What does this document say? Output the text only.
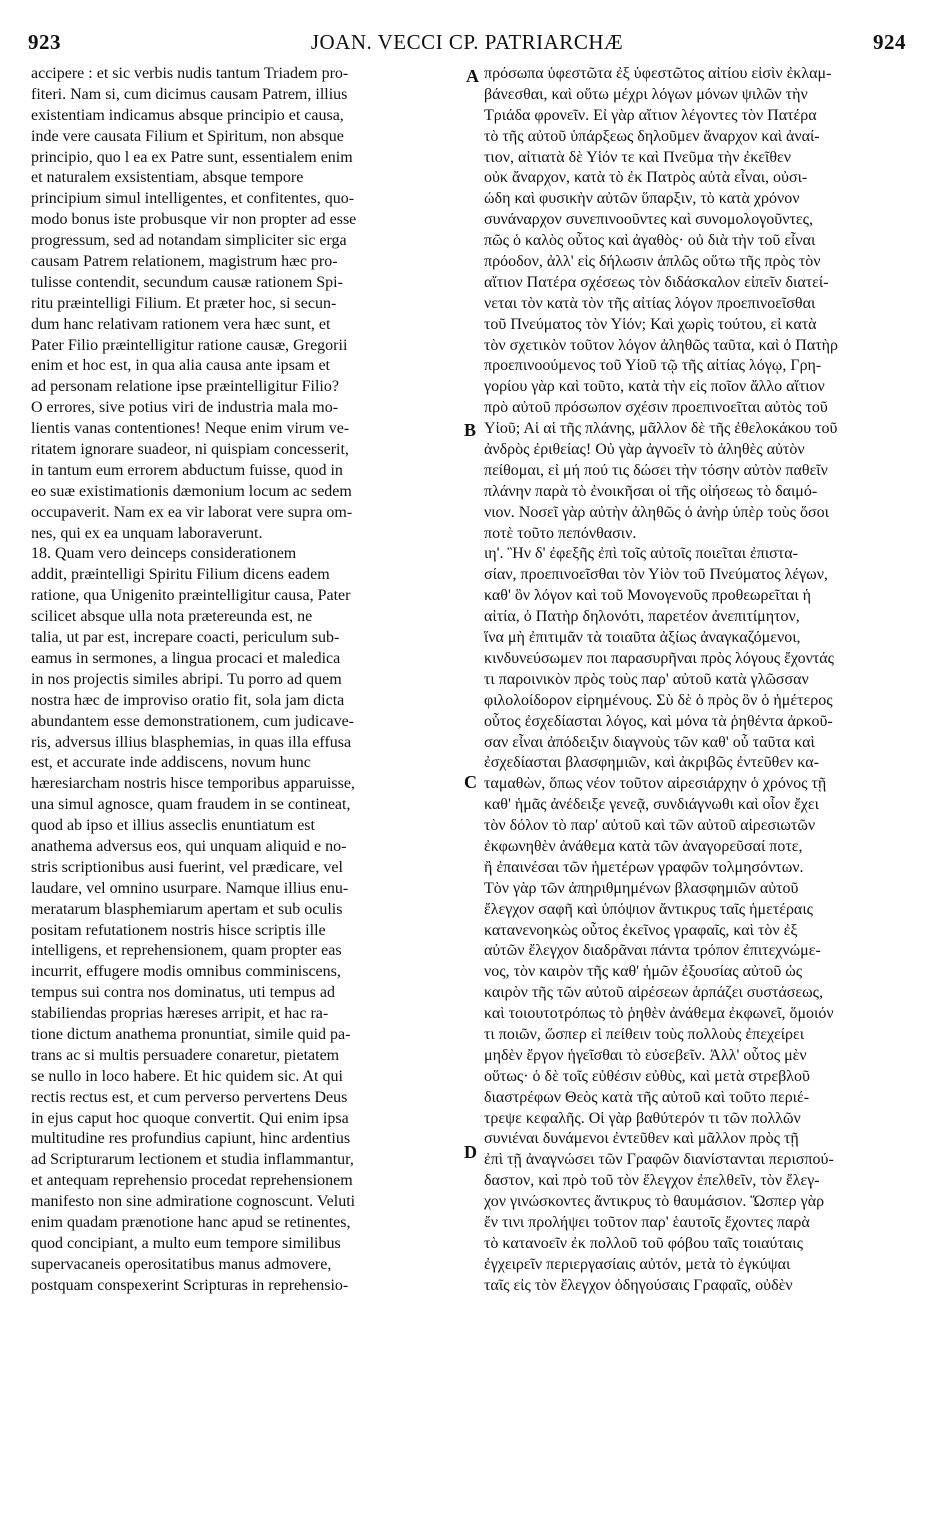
923	JOAN. VECCI CP. PATRIARCHÆ	924
accipere : et sic verbis nudis tantum Triadem pro-
fiteri. Nam si, cum dicimus causam Patrem, illius
existentiam indicamus absque principio et causa,
inde vere causata Filium et Spiritum, non absque
principio, quo l ea ex Patre sunt, essentialem enim
et naturalem exsistentiam, absque tempore
principium simul intelligentes, et confitentes, quo-
modo bonus iste probusque vir non propter ad esse
progressum, sed ad notandam simpliciter sic erga
causam Patrem relationem, magistrum hæc pro-
tulisse contendit, secundum causæ rationem Spi-
ritu præintelligi Filium. Et præter hoc, si secun-
dum hanc relativam rationem vera hæc sunt, et
Pater Filio præintelligitur ratione causæ, Gregorii
enim et hoc est, in qua alia causa ante ipsam et
ad personam relatione ipse præintelligitur Filio?
O errores, sive potius viri de industria mala mo-
lientis vanas contentiones! Neque enim virum ve-
ritatem ignorare suadeor, ni quispiam concesserit,
in tantum eum errorem abductum fuisse, quod in
eo suæ existimationis dæmonium locum ac sedem
occupaverit. Nam ex ea vir laborat vere supra om-
nes, qui ex ea unquam laboraverunt.
18. Quam vero deinceps considerationem
addit, præintelligi Spiritu Filium dicens eadem
ratione, qua Unigenito præintelligitur causa, Pater
scilicet absque ulla nota prætereunda est, ne
talia, ut par est, increpare coacti, periculum sub-
eamus in sermones, a lingua procaci et maledica
in nos projectis similes abripi. Tu porro ad quem
nostra hæc de improviso oratio fit, sola jam dicta
abundantem esse demonstrationem, cum judicave-
ris, adversus illius blasphemias, in quas illa effusa
est, et accurate inde addiscens, novum hunc
hæresiarcham nostris hisce temporibus apparuisse,
una simul agnosce, quam fraudem in se contineat,
quod ab ipso et illius asseclis enuntiatum est
anathema adversus eos, qui unquam aliquid e no-
stris scriptionibus ausi fuerint, vel prædicare, vel
laudare, vel omnino usurpare. Namque illius enu-
meratarum blasphemiarum apertam et sub oculis
positam refutationem nostris hisce scriptis ille
intelligens, et reprehensionem, quam propter eas
incurrit, effugere modis omnibus comminiscens,
tempus sui contra nos dominatus, uti tempus ad
stabiliendas proprias hæreses arripit, et hac ra-
tione dictum anathema pronuntiat, simile quid pa-
trans ac si multis persuadere conaretur, pietatem
se nullo in loco habere. Et hic quidem sic. At qui
rectis rectus est, et cum perverso pervertens Deus
in ejus caput hoc quoque convertit. Qui enim ipsa
multitudine res profundius capiunt, hinc ardentius
ad Scripturarum lectionem et studia inflammantur,
et antequam reprehensio procedat reprehensionem
manifesto non sine admiratione cognoscunt. Veluti
enim quadam prænotione hanc apud se retinentes,
quod concipiant, a multo eum tempore similibus
supervacaneis operositatibus manus admovere,
postquam conspexerint Scripturas in reprehensio-
πρόσωπα ὑφεστῶτα ἐξ ὑφεστῶτος αἰτίου εἰσὶν ἐκλαμ-
βάνεσθαι, καὶ οὕτω μέχρι λόγων μόνων ψιλῶν τὴν
Τριάδα φρονεῖν. Εἰ γὰρ αἴτιον λέγοντες τὸν Πατέρα
τὸ τῆς αὐτοῦ ὑπάρξεως δηλοῦμεν ἄναρχον καὶ ἀναί-
τιον, αἰτιατὰ δὲ Υἱόν τε καὶ Πνεῦμα τὴν ἐκεῖθεν
οὐκ ἄναρχον, κατὰ τὸ ἐκ Πατρὸς αὐτὰ εἶναι, οὐσι-
ώδη καὶ φυσικὴν αὐτῶν ὕπαρξιν, τὸ κατὰ χρόνον
συνάναρχον συνεπινοοῦντες καὶ συνομολογοῦντες,
πῶς ὁ καλὸς οὗτος καὶ ἀγαθὸς· οὐ διὰ τὴν τοῦ εἶναι
πρόοδον, ἀλλ' εἰς δήλωσιν ἁπλῶς οὕτω τῆς πρὸς τὸν
αἴτιον Πατέρα σχέσεως τὸν διδάσκαλον εἰπεῖν διατεί-
νεται τὸν κατὰ τὸν τῆς αἰτίας λόγον προεπινοεῖσθαι
τοῦ Πνεύματος τὸν Υἱόν; Καὶ χωρὶς τούτου, εἰ κατὰ
τὸν σχετικὸν τοῦτον λόγον ἀληθῶς ταῦτα, καὶ ὁ Πατὴρ
προεπινοούμενος τοῦ Υἱοῦ τῷ τῆς αἰτίας λόγῳ, Γρη-
γορίου γὰρ καὶ τοῦτο, κατὰ τὴν εἰς ποῖον ἄλλο αἴτιον
πρὸ αὐτοῦ πρόσωπον σχέσιν προεπινοεῖται αὐτὸς τοῦ
Υἱοῦ; Αἱ αἱ τῆς πλάνης, μᾶλλον δὲ τῆς ἐθελοκάκου τοῦ
ἀνδρὸς ἐριθείας! Οὐ γὰρ ἀγνοεῖν τὸ ἀληθὲς αὐτὸν
πείθομαι, εἰ μή πού τις δώσει τὴν τόσην αὐτὸν παθεῖν
πλάνην παρὰ τὸ ἐνοικῆσαι οἱ τῆς οἰήσεως τὸ δαιμό-
νιον. Νοσεῖ γὰρ αὐτὴν ἀληθῶς ὁ ἀνὴρ ὑπὲρ τοὺς ὅσοι
ποτὲ τοῦτο πεπόνθασιν.
ιη'. Ἣν δ' ἐφεξῆς ἐπὶ τοῖς αὐτοῖς ποιεῖται ἐπιστα-
σίαν, προεπινοεῖσθαι τὸν Υἱὸν τοῦ Πνεύματος λέγων,
καθ' ὃν λόγον καὶ τοῦ Μονογενοῦς προθεωρεῖται ἡ
αἰτία, ὁ Πατὴρ δηλονότι, παρετέον ἀνεπιτίμητον,
ἵνα μὴ ἐπιτιμᾶν τὰ τοιαῦτα ἀξίως ἀναγκαζόμενοι,
κινδυνεύσωμεν ποι παρασυρῆναι πρὸς λόγους ἔχοντάς
τι παροινικὸν πρὸς τοὺς παρ' αὐτοῦ κατὰ γλῶσσαν
φιλολοίδορον εἰρημένους. Σὺ δὲ ὁ πρὸς ὃν ὁ ἡμέτερος
οὗτος ἐσχεδίασται λόγος, καὶ μόνα τὰ ῥηθέντα ἀρκοῦ-
σαν εἶναι ἀπόδειξιν διαγνοὺς τῶν καθ' οὗ ταῦτα καὶ
ἐσχεδίασται βλασφημιῶν, καὶ ἀκριβῶς ἐντεῦθεν κα-
ταμαθὼν, ὅπως νέον τοῦτον αἱρεσιάρχην ὁ χρόνος τῇ
καθ' ἡμᾶς ἀνέδειξε γενεᾷ, συνδιάγνωθι καὶ οἷον ἔχει
τὸν δόλον τὸ παρ' αὐτοῦ καὶ τῶν αὐτοῦ αἱρεσιωτῶν
ἐκφωνηθὲν ἀνάθεμα κατὰ τῶν ἀναγορεῦσαί ποτε,
ἢ ἐπαινέσαι τῶν ἡμετέρων γραφῶν τολμησόντων.
Τὸν γὰρ τῶν ἀπηριθμημένων βλασφημιῶν αὐτοῦ
ἔλεγχον σαφῆ καὶ ὑπόψιον ἄντικρυς ταῖς ἡμετέραις
κατανενοηκὼς οὗτος ἐκεῖνος γραφαῖς, καὶ τὸν ἐξ
αὐτῶν ἔλεγχον διαδρᾶναι πάντα τρόπον ἐπιτεχνώμε-
νος, τὸν καιρὸν τῆς καθ' ἡμῶν ἐξουσίας αὐτοῦ ὡς
καιρὸν τῆς τῶν αὐτοῦ αἱρέσεων ἁρπάζει συστάσεως,
καὶ τοιουτοτρόπως τὸ ῥηθὲν ἀνάθεμα ἐκφωνεῖ, ὅμοιόν
τι ποιῶν, ὥσπερ εἰ πείθειν τοὺς πολλοὺς ἐπεχείρει
μηδὲν ἔργον ἡγεῖσθαι τὸ εὐσεβεῖν. Ἀλλ' οὗτος μὲν
οὕτως· ὁ δὲ τοῖς εὐθέσιν εὐθὺς, καὶ μετὰ στρεβλοῦ
διαστρέφων Θεὸς κατὰ τῆς αὐτοῦ καὶ τοῦτο περιέ-
τρεψε κεφαλῆς. Οἱ γὰρ βαθύτερόν τι τῶν πολλῶν
συνιέναι δυνάμενοι ἐντεῦθεν καὶ μᾶλλον πρὸς τῇ
ἐπὶ τῇ ἀναγνώσει τῶν Γραφῶν διανίστανται περισπού-
δαστον, καὶ πρὸ τοῦ τὸν ἔλεγχον ἐπελθεῖν, τὸν ἔλεγ-
χον γινώσκοντες ἄντικρυς τὸ θαυμάσιον. Ὥσπερ γὰρ
ἔν τινι προλήψει τοῦτον παρ' ἑαυτοῖς ἔχοντες παρὰ
τὸ κατανοεῖν ἐκ πολλοῦ τοῦ φόβου ταῖς τοιαύταις
ἐγχειρεῖν περιεργασίαις αὐτόν, μετὰ τὸ ἐγκύψαι
ταῖς εἰς τὸν ἔλεγχον ὁδηγούσαις Γραφαῖς, οὐδὲν
A
B
C
D
